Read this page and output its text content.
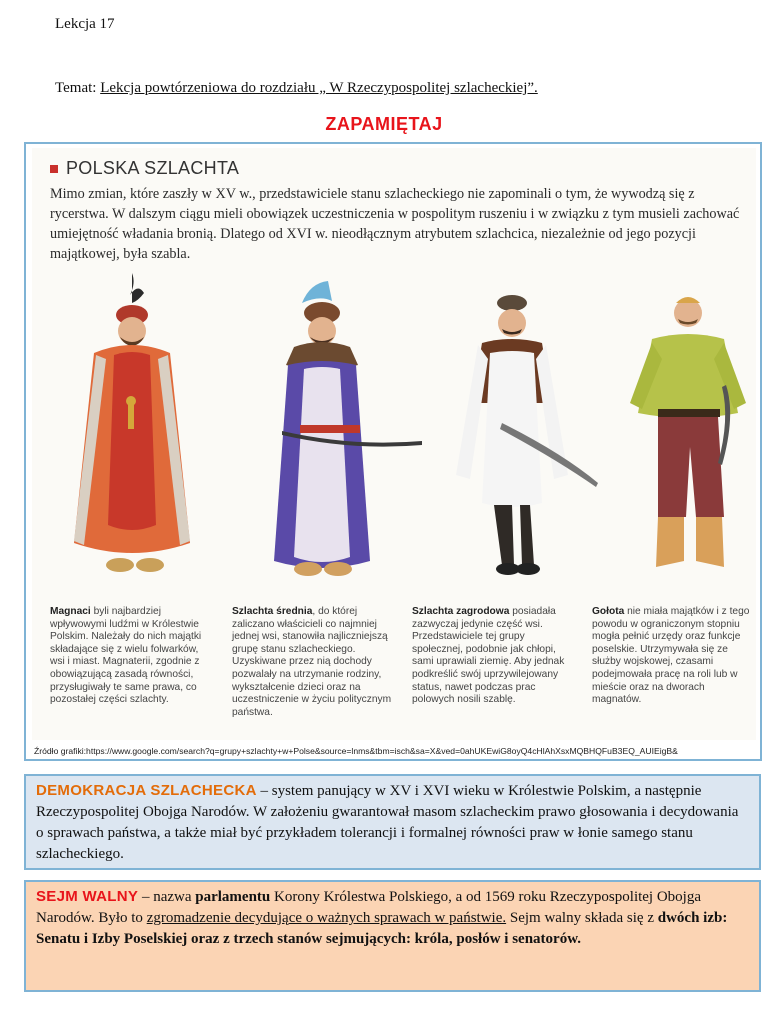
Lekcja 17
Temat: Lekcja powtórzeniowa do rozdziału „ W Rzeczypospolitej szlacheckiej”.
ZAPAMIĘTAJ
POLSKA SZLACHTA
Mimo zmian, które zaszły w XV w., przedstawiciele stanu szlacheckiego nie zapominali o tym, że wywodzą się z rycerstwa. W dalszym ciągu mieli obowiązek uczestniczenia w pospolitym ruszeniu i w związku z tym musieli zachować umiejętność władania bronią. Dlatego od XVI w. nieodłącznym atrybutem szlachcica, niezależnie od jego pozycji majątkowej, była szabla.
Magnaci byli najbardziej wpływowymi ludźmi w Królestwie Polskim. Należały do nich majątki składające się z wielu folwarków, wsi i miast. Magnaterii, zgodnie z obowiązującą zasadą równości, przysługiwały te same prawa, co pozostałej części szlachty.
Szlachta średnia, do której zaliczano właścicieli co najmniej jednej wsi, stanowiła najliczniejszą grupę stanu szlacheckiego. Uzyskiwane przez nią dochody pozwalały na utrzymanie rodziny, wykształcenie dzieci oraz na uczestniczenie w życiu politycznym państwa.
Szlachta zagrodowa posiadała zazwyczaj jedynie część wsi. Przedstawiciele tej grupy społecznej, podobnie jak chłopi, sami uprawiali ziemię. Aby jednak podkreślić swój uprzywilejowany status, nawet podczas prac polowych nosili szablę.
Gołota nie miała majątków i z tego powodu w ograniczonym stopniu mogła pełnić urzędy oraz funkcje poselskie. Utrzymywała się ze służby wojskowej, czasami podejmowała pracę na roli lub w mieście oraz na dworach magnatów.
Źródło grafiki:https://www.google.com/search?q=grupy+szlachty+w+Polse&source=lnms&tbm=isch&sa=X&ved=0ahUKEwiG8oyQ4cHlAhXsxMQBHQFuB3EQ_AUIEigB&
DEMOKRACJA SZLACHECKA – system panujący w XV i XVI wieku w Królestwie Polskim, a następnie Rzeczypospolitej Obojga Narodów. W założeniu gwarantował masom szlacheckim prawo głosowania i decydowania o sprawach państwa, a także miał być przykładem tolerancji i formalnej równości praw w łonie samego stanu szlacheckiego.
SEJM WALNY – nazwa parlamentu Korony Królestwa Polskiego, a od 1569 roku Rzeczypospolitej Obojga Narodów. Było to zgromadzenie decydujące o ważnych sprawach w państwie. Sejm walny składa się z dwóch izb: Senatu i Izby Poselskiej oraz z trzech stanów sejmujących: króla, posłów i senatorów.
